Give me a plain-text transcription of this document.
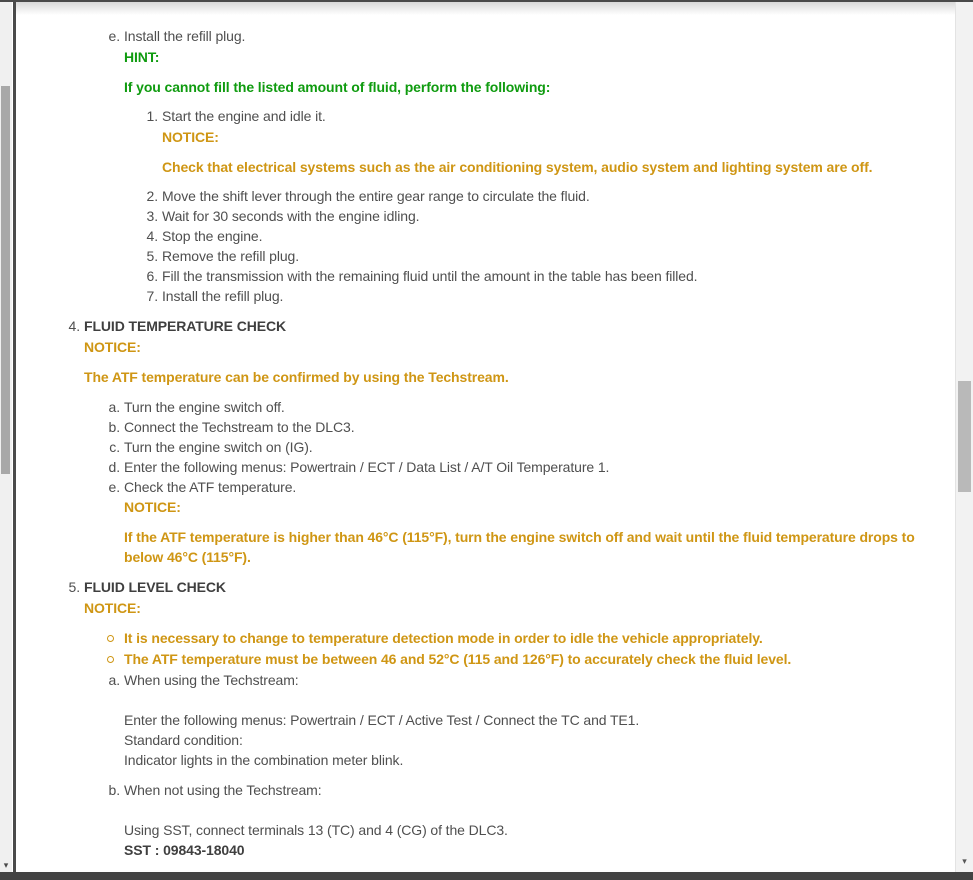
▾	▾
e. Install the refill plug.
HINT:
If you cannot fill the listed amount of fluid, perform the following:
1. Start the engine and idle it.
NOTICE:
Check that electrical systems such as the air conditioning system, audio system and lighting system are off.
2. Move the shift lever through the entire gear range to circulate the fluid.
3. Wait for 30 seconds with the engine idling.
4. Stop the engine.
5. Remove the refill plug.
6. Fill the transmission with the remaining fluid until the amount in the table has been filled.
7. Install the refill plug.
4. FLUID TEMPERATURE CHECK
NOTICE:
The ATF temperature can be confirmed by using the Techstream.
a. Turn the engine switch off.
b. Connect the Techstream to the DLC3.
c. Turn the engine switch on (IG).
d. Enter the following menus: Powertrain / ECT / Data List / A/T Oil Temperature 1.
e. Check the ATF temperature.
NOTICE:
If the ATF temperature is higher than 46°C (115°F), turn the engine switch off and wait until the fluid temperature drops to below 46°C (115°F).
5. FLUID LEVEL CHECK
NOTICE:
It is necessary to change to temperature detection mode in order to idle the vehicle appropriately.
The ATF temperature must be between 46 and 52°C (115 and 126°F) to accurately check the fluid level.
a. When using the Techstream:
Enter the following menus: Powertrain / ECT / Active Test / Connect the TC and TE1.
Standard condition:
Indicator lights in the combination meter blink.
b. When not using the Techstream:
Using SST, connect terminals 13 (TC) and 4 (CG) of the DLC3.
SST : 09843-18040
